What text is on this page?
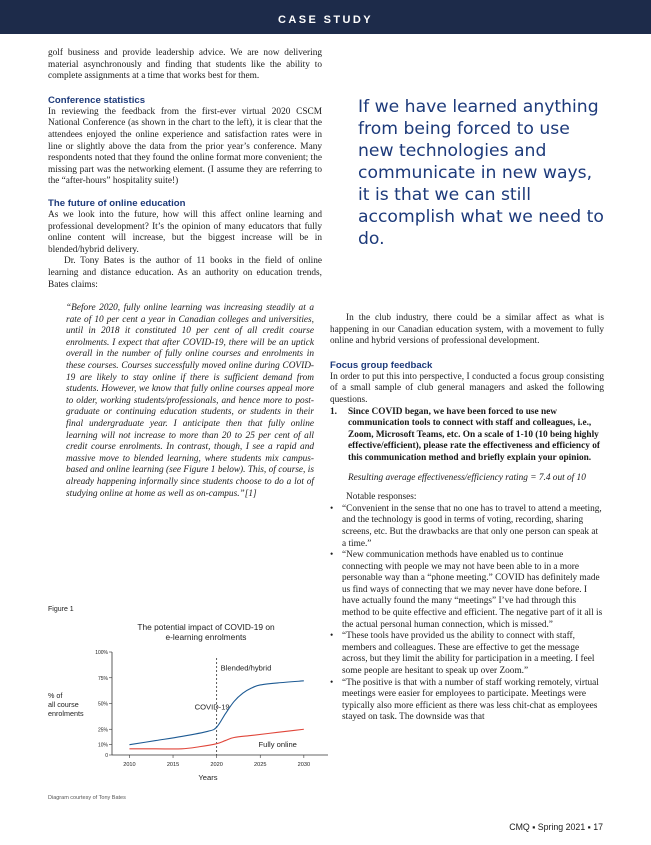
CASE STUDY

golf business and provide leadership advice. We are now delivering material asynchronously and finding that students like the ability to complete assignments at a time that works best for them.

Conference statistics

In reviewing the feedback from the first-ever virtual 2020 CSCM National Conference (as shown in the chart to the left), it is clear that the attendees enjoyed the online experience and satisfaction rates were in line or slightly above the data from the prior year’s conference. Many respondents noted that they found the online format more convenient; the missing part was the networking element. (I assume they are referring to the “after-hours” hospitality suite!)

The future of online education

As we look into the future, how will this affect online learning and professional development? It’s the opinion of many educators that fully online content will increase, but the biggest increase will be in blended/hybrid delivery.

Dr. Tony Bates is the author of 11 books in the field of online learning and distance education. As an authority on education trends, Bates claims:

“Before 2020, fully online learning was increasing steadily at a rate of 10 per cent a year in Canadian colleges and universities, until in 2018 it constituted 10 per cent of all credit course enrolments. I expect that after COVID-19, there will be an uptick overall in the number of fully online courses and enrolments in these courses. Courses successfully moved online during COVID-19 are likely to stay online if there is sufficient demand from students. However, we know that fully online courses appeal more to older, working students/professionals, and hence more to post-graduate or continuing education students, or students in their final undergraduate year. I anticipate then that fully online learning will not increase to more than 20 to 25 per cent of all credit course enrolments. In contrast, though, I see a rapid and massive move to blended learning, where students mix campus-based and online learning (see Figure 1 below). This, of course, is already happening informally since students choose to do a lot of studying online at home as well as on-campus.”[1]

If we have learned anything from being forced to use new technologies and communicate in new ways, it is that we can still accomplish what we need to do.
Figure 1
The potential impact of COVID-19 on
e-learning enrolments
% of
all course
enrolments
0
10%
25%
50%
75%
100%
2010	2015	2020	2025	2030
COVID-19
Blended/hybrid
Fully online
Years
Diagram courtesy of Tony Bates

In the club industry, there could be a similar affect as what is happening in our Canadian education system, with a movement to fully online and hybrid versions of professional development.

Focus group feedback

In order to put this into perspective, I conducted a focus group consisting of a small sample of club general managers and asked the following questions.

1. Since COVID began, we have been forced to use new communication tools to connect with staff and colleagues, i.e., Zoom, Microsoft Teams, etc. On a scale of 1-10 (10 being highly effective/efficient), please rate the effectiveness and efficiency of this communication method and briefly explain your opinion.

Resulting average effectiveness/efficiency rating = 7.4 out of 10

Notable responses:

• “Convenient in the sense that no one has to travel to attend a meeting, and the technology is good in terms of voting, recording, sharing screens, etc. But the drawbacks are that only one person can speak at a time.”

• “New communication methods have enabled us to continue connecting with people we may not have been able to in a more personable way than a “phone meeting.” COVID has definitely made us find ways of connecting that we may never have done before. I have actually found the many “meetings” I’ve had through this method to be quite effective and efficient. The negative part of it all is the actual personal human connection, which is missed.”

• “These tools have provided us the ability to connect with staff, members and colleagues. These are effective to get the message across, but they limit the ability for participation in a meeting. I feel some people are hesitant to speak up over Zoom.”

• “The positive is that with a number of staff working remotely, virtual meetings were easier for employees to participate. Meetings were typically also more efficient as there was less chit-chat as employees stayed on task. The downside was that

CMQ ▪ Spring 2021 ▪ 17
